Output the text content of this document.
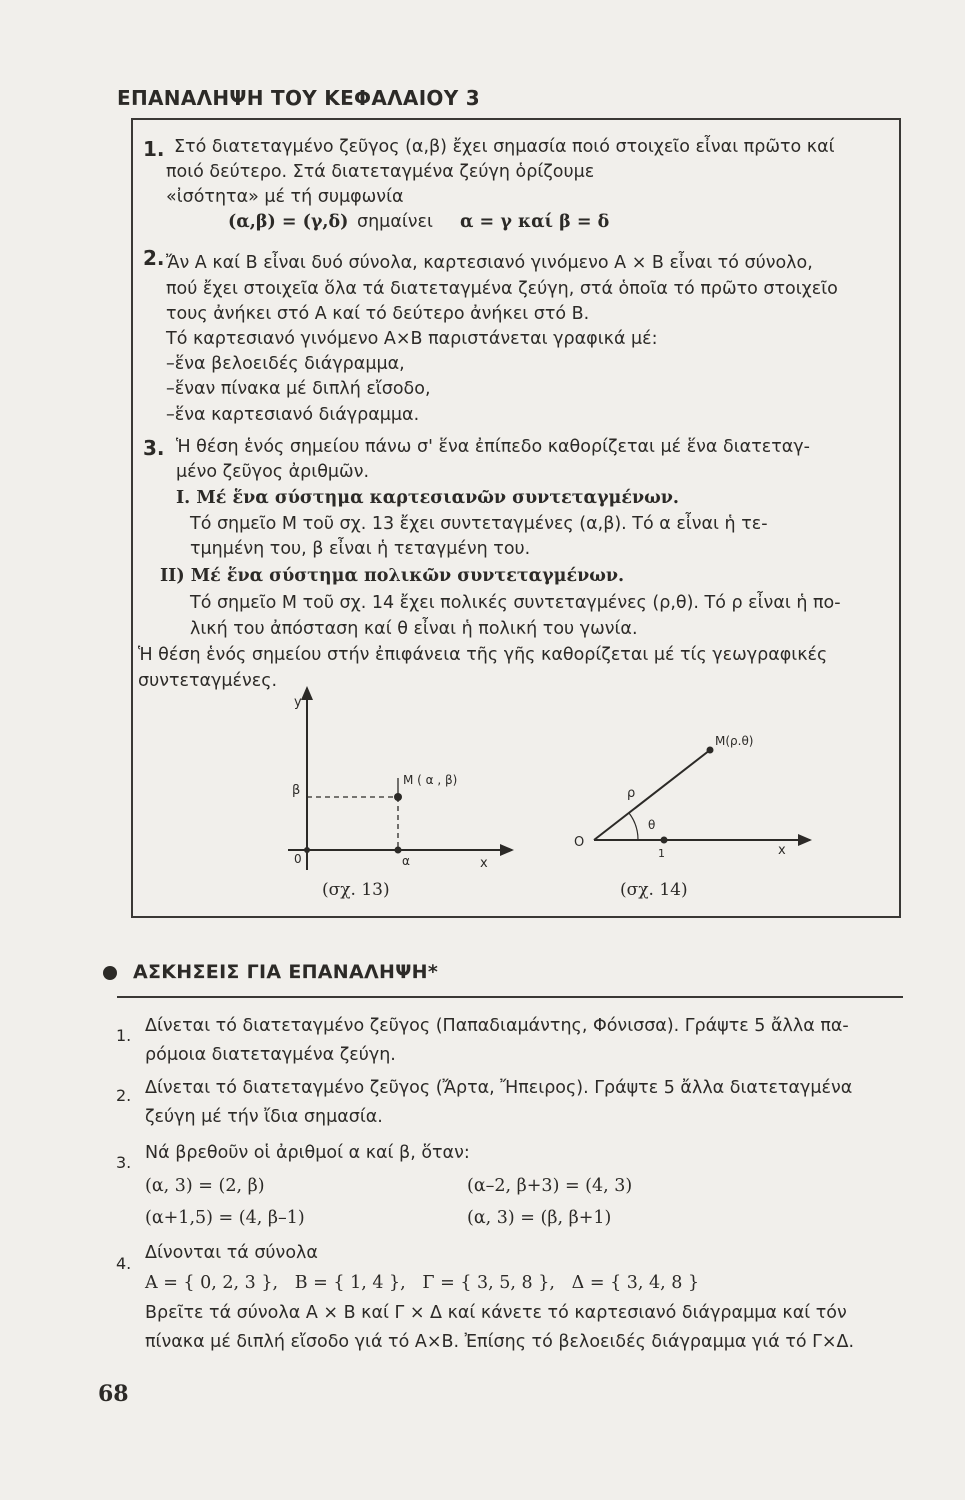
ΕΠΑΝΑΛΗΨΗ ΤΟΥ ΚΕΦΑΛΑΙΟΥ 3
1. Στό διατεταγμένο ζεῦγος (α,β) ἔχει σημασία ποιό στοιχεῖο εἶναι πρῶτο καί
ποιό δεύτερο. Στά διατεταγμένα ζεύγη ὁρίζουμε
«ἰσότητα» μέ τή συμφωνία
(α,β) = (γ,δ) σημαίνει α = γ καί β = δ
2. Ἄν Α καί Β εἶναι δυό σύνολα, καρτεσιανό γινόμενο Α × Β εἶναι τό σύνολο,
πού ἔχει στοιχεῖα ὅλα τά διατεταγμένα ζεύγη, στά ὁποῖα τό πρῶτο στοιχεῖο
τους ἀνήκει στό Α καί τό δεύτερο ἀνήκει στό Β.
Τό καρτεσιανό γινόμενο Α×Β παριστάνεται γραφικά μέ:
–ἕνα βελοειδές διάγραμμα,
–ἕναν πίνακα μέ διπλή εἴσοδο,
–ἕνα καρτεσιανό διάγραμμα.
3. Ἡ θέση ἑνός σημείου πάνω σ' ἕνα ἐπίπεδο καθορίζεται μέ ἕνα διατεταγ-
μένο ζεῦγος ἀριθμῶν.
I. Μέ ἕνα σύστημα καρτεσιανῶν συντεταγμένων.
Τό σημεῖο Μ τοῦ σχ. 13 ἔχει συντεταγμένες (α,β). Τό α εἶναι ἡ τε-
τμημένη του, β εἶναι ἡ τεταγμένη του.
II) Μέ ἕνα σύστημα πολικῶν συντεταγμένων.
Τό σημεῖο Μ τοῦ σχ. 14 ἔχει πολικές συντεταγμένες (ρ,θ). Τό ρ εἶναι ἡ πο-
λική του ἀπόσταση καί θ εἶναι ἡ πολική του γωνία.
Ἡ θέση ἑνός σημείου στήν ἐπιφάνεια τῆς γῆς καθορίζεται μέ τίς γεωγραφικές
συντεταγμένες.
y
β
M ( α , β)
0	α	x
(σχ. 13)
M(ρ.θ)
ρ
θ
O
1	x
(σχ. 14)
ΑΣΚΗΣΕΙΣ ΓΙΑ ΕΠΑΝΑΛΗΨΗ*
1. Δίνεται τό διατεταγμένο ζεῦγος (Παπαδιαμάντης, Φόνισσα). Γράψτε 5 ἄλλα πα-
ρόμοια διατεταγμένα ζεύγη.
2. Δίνεται τό διατεταγμένο ζεῦγος (Ἄρτα, Ἤπειρος). Γράψτε 5 ἄλλα διατεταγμένα
ζεύγη μέ τήν ἴδια σημασία.
3. Νά βρεθοῦν οἱ ἀριθμοί α καί β, ὅταν:
(α, 3) = (2, β)	(α–2, β+3) = (4, 3)
(α+1,5) = (4, β–1)	(α, 3) = (β, β+1)
4.
Δίνονται τά σύνολα
Α = { 0, 2, 3 },   Β = { 1, 4 },   Γ = { 3, 5, 8 },   Δ = { 3, 4, 8 }
Βρεῖτε τά σύνολα Α × Β καί Γ × Δ καί κάνετε τό καρτεσιανό διάγραμμα καί τόν
πίνακα μέ διπλή εἴσοδο γιά τό Α×Β. Ἐπίσης τό βελοειδές διάγραμμα γιά τό Γ×Δ.
68
